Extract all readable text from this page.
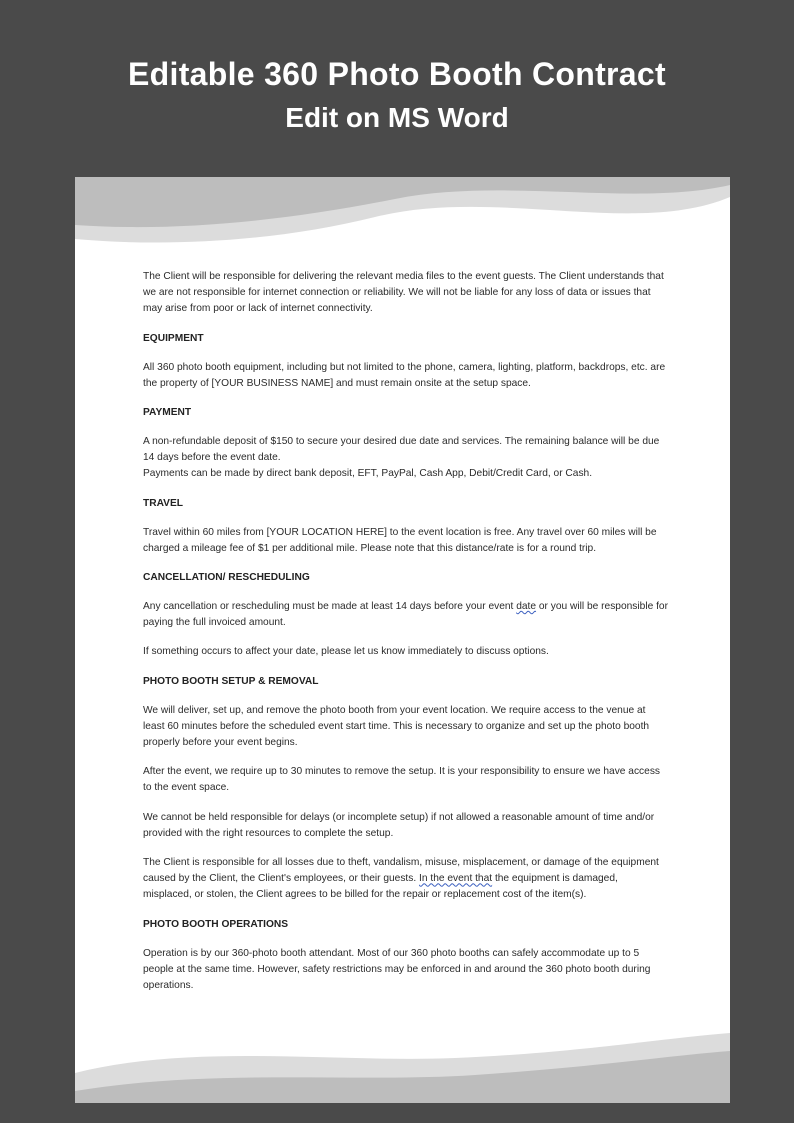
Editable 360 Photo Booth Contract
Edit on MS Word

The Client will be responsible for delivering the relevant media files to the event guests. The Client understands that we are not responsible for internet connection or reliability. We will not be liable for any loss of data or issues that may arise from poor or lack of internet connectivity.

EQUIPMENT

All 360 photo booth equipment, including but not limited to the phone, camera, lighting, platform, backdrops, etc. are the property of [YOUR BUSINESS NAME] and must remain onsite at the setup space.

PAYMENT

A non-refundable deposit of $150 to secure your desired due date and services. The remaining balance will be due 14 days before the event date.

Payments can be made by direct bank deposit, EFT, PayPal, Cash App, Debit/Credit Card, or Cash.

TRAVEL

Travel within 60 miles from [YOUR LOCATION HERE] to the event location is free. Any travel over 60 miles will be charged a mileage fee of $1 per additional mile. Please note that this distance/rate is for a round trip.

CANCELLATION/ RESCHEDULING

Any cancellation or rescheduling must be made at least 14 days before your event date or you will be responsible for paying the full invoiced amount.

If something occurs to affect your date, please let us know immediately to discuss options.

PHOTO BOOTH SETUP & REMOVAL

We will deliver, set up, and remove the photo booth from your event location. We require access to the venue at least 60 minutes before the scheduled event start time. This is necessary to organize and set up the photo booth properly before your event begins.

After the event, we require up to 30 minutes to remove the setup. It is your responsibility to ensure we have access to the event space.

We cannot be held responsible for delays (or incomplete setup) if not allowed a reasonable amount of time and/or provided with the right resources to complete the setup.

The Client is responsible for all losses due to theft, vandalism, misuse, misplacement, or damage of the equipment caused by the Client, the Client's employees, or their guests. In the event that the equipment is damaged, misplaced, or stolen, the Client agrees to be billed for the repair or replacement cost of the item(s).

PHOTO BOOTH OPERATIONS

Operation is by our 360-photo booth attendant. Most of our 360 photo booths can safely accommodate up to 5 people at the same time. However, safety restrictions may be enforced in and around the 360 photo booth during operations.
